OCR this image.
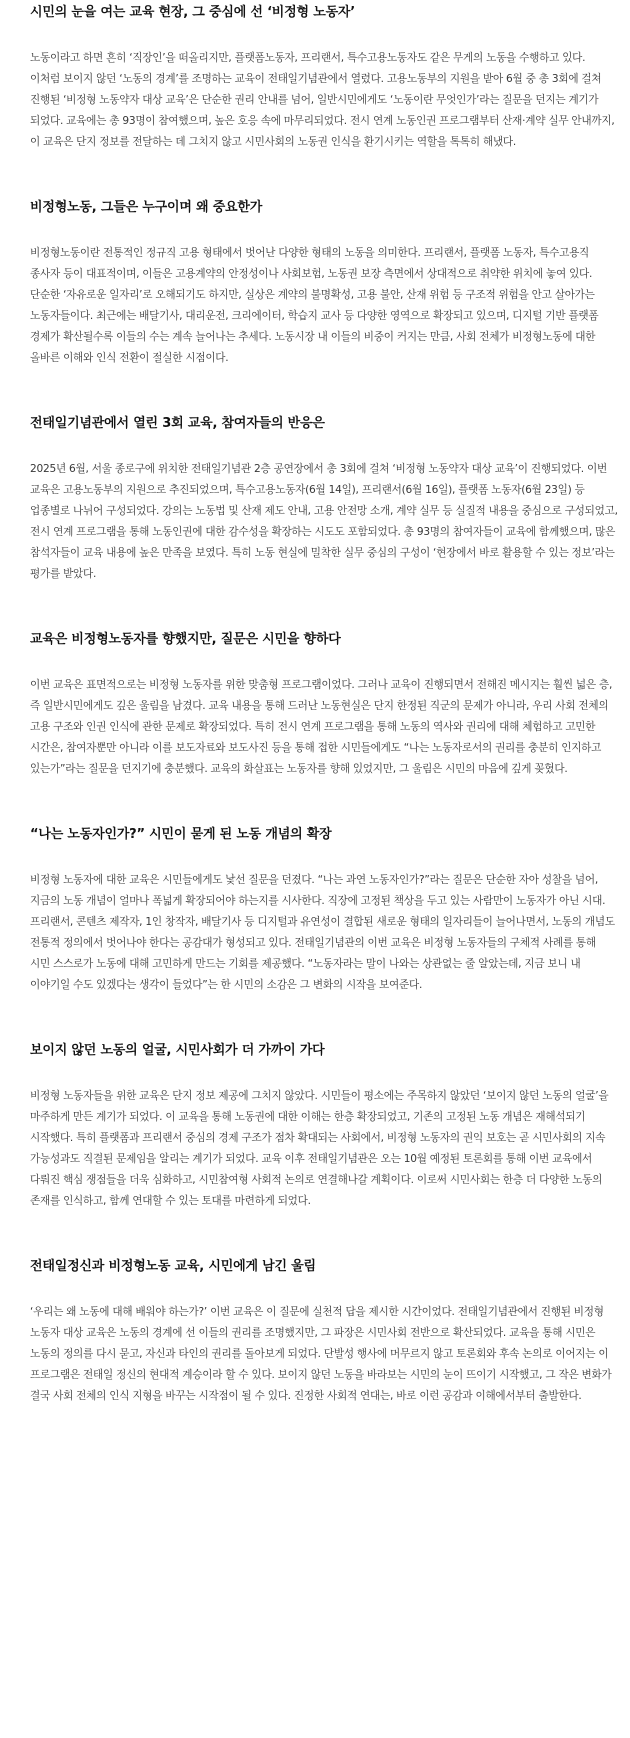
시민의 눈을 여는 교육 현장, 그 중심에 선 ‘비정형 노동자’

노동이라고 하면 흔히 ‘직장인’을 떠올리지만, 플랫폼노동자, 프리랜서, 특수고용노동자도 같은 무게의 노동을 수행하고 있다. 이처럼 보이지 않던 ‘노동의 경계’를 조명하는 교육이 전태일기념관에서 열렸다. 고용노동부의 지원을 받아 6월 중 총 3회에 걸쳐 진행된 ‘비정형 노동약자 대상 교육’은 단순한 권리 안내를 넘어, 일반시민에게도 ‘노동이란 무엇인가’라는 질문을 던지는 계기가 되었다. 교육에는 총 93명이 참여했으며, 높은 호응 속에 마무리되었다. 전시 연계 노동인권 프로그램부터 산재·계약 실무 안내까지, 이 교육은 단지 정보를 전달하는 데 그치지 않고 시민사회의 노동권 인식을 환기시키는 역할을 톡톡히 해냈다.

비정형노동, 그들은 누구이며 왜 중요한가

비정형노동이란 전통적인 정규직 고용 형태에서 벗어난 다양한 형태의 노동을 의미한다. 프리랜서, 플랫폼 노동자, 특수고용직 종사자 등이 대표적이며, 이들은 고용계약의 안정성이나 사회보험, 노동권 보장 측면에서 상대적으로 취약한 위치에 놓여 있다. 단순한 ‘자유로운 일자리’로 오해되기도 하지만, 실상은 계약의 불명확성, 고용 불안, 산재 위험 등 구조적 위험을 안고 살아가는 노동자들이다. 최근에는 배달기사, 대리운전, 크리에이터, 학습지 교사 등 다양한 영역으로 확장되고 있으며, 디지털 기반 플랫폼 경제가 확산될수록 이들의 수는 계속 늘어나는 추세다. 노동시장 내 이들의 비중이 커지는 만큼, 사회 전체가 비정형노동에 대한 올바른 이해와 인식 전환이 절실한 시점이다.

전태일기념관에서 열린 3회 교육, 참여자들의 반응은

2025년 6월, 서울 종로구에 위치한 전태일기념관 2층 공연장에서 총 3회에 걸쳐 ‘비정형 노동약자 대상 교육’이 진행되었다. 이번 교육은 고용노동부의 지원으로 추진되었으며, 특수고용노동자(6월 14일), 프리랜서(6월 16일), 플랫폼 노동자(6월 23일) 등 업종별로 나뉘어 구성되었다. 강의는 노동법 및 산재 제도 안내, 고용 안전망 소개, 계약 실무 등 실질적 내용을 중심으로 구성되었고, 전시 연계 프로그램을 통해 노동인권에 대한 감수성을 확장하는 시도도 포함되었다. 총 93명의 참여자들이 교육에 함께했으며, 많은 참석자들이 교육 내용에 높은 만족을 보였다. 특히 노동 현실에 밀착한 실무 중심의 구성이 ‘현장에서 바로 활용할 수 있는 정보’라는 평가를 받았다.

교육은 비정형노동자를 향했지만, 질문은 시민을 향하다

이번 교육은 표면적으로는 비정형 노동자를 위한 맞춤형 프로그램이었다. 그러나 교육이 진행되면서 전해진 메시지는 훨씬 넓은 층, 즉 일반시민에게도 깊은 울림을 남겼다. 교육 내용을 통해 드러난 노동현실은 단지 한정된 직군의 문제가 아니라, 우리 사회 전체의 고용 구조와 인권 인식에 관한 문제로 확장되었다. 특히 전시 연계 프로그램을 통해 노동의 역사와 권리에 대해 체험하고 고민한 시간은, 참여자뿐만 아니라 이를 보도자료와 보도사진 등을 통해 접한 시민들에게도 “나는 노동자로서의 권리를 충분히 인지하고 있는가”라는 질문을 던지기에 충분했다. 교육의 화살표는 노동자를 향해 있었지만, 그 울림은 시민의 마음에 깊게 꽂혔다.

“나는 노동자인가?” 시민이 묻게 된 노동 개념의 확장

비정형 노동자에 대한 교육은 시민들에게도 낯선 질문을 던졌다. “나는 과연 노동자인가?”라는 질문은 단순한 자아 성찰을 넘어, 지금의 노동 개념이 얼마나 폭넓게 확장되어야 하는지를 시사한다. 직장에 고정된 책상을 두고 있는 사람만이 노동자가 아닌 시대. 프리랜서, 콘텐츠 제작자, 1인 창작자, 배달기사 등 디지털과 유연성이 결합된 새로운 형태의 일자리들이 늘어나면서, 노동의 개념도 전통적 정의에서 벗어나야 한다는 공감대가 형성되고 있다. 전태일기념관의 이번 교육은 비정형 노동자들의 구체적 사례를 통해 시민 스스로가 노동에 대해 고민하게 만드는 기회를 제공했다. “노동자라는 말이 나와는 상관없는 줄 알았는데, 지금 보니 내 이야기일 수도 있겠다는 생각이 들었다”는 한 시민의 소감은 그 변화의 시작을 보여준다.

보이지 않던 노동의 얼굴, 시민사회가 더 가까이 가다

비정형 노동자들을 위한 교육은 단지 정보 제공에 그치지 않았다. 시민들이 평소에는 주목하지 않았던 ‘보이지 않던 노동의 얼굴’을 마주하게 만든 계기가 되었다. 이 교육을 통해 노동권에 대한 이해는 한층 확장되었고, 기존의 고정된 노동 개념은 재해석되기 시작했다. 특히 플랫폼과 프리랜서 중심의 경제 구조가 점차 확대되는 사회에서, 비정형 노동자의 권익 보호는 곧 시민사회의 지속 가능성과도 직결된 문제임을 알리는 계기가 되었다. 교육 이후 전태일기념관은 오는 10월 예정된 토론회를 통해 이번 교육에서 다뤄진 핵심 쟁점들을 더욱 심화하고, 시민참여형 사회적 논의로 연결해나갈 계획이다. 이로써 시민사회는 한층 더 다양한 노동의 존재를 인식하고, 함께 연대할 수 있는 토대를 마련하게 되었다.

전태일정신과 비정형노동 교육, 시민에게 남긴 울림

‘우리는 왜 노동에 대해 배워야 하는가?’ 이번 교육은 이 질문에 실천적 답을 제시한 시간이었다. 전태일기념관에서 진행된 비정형 노동자 대상 교육은 노동의 경계에 선 이들의 권리를 조명했지만, 그 파장은 시민사회 전반으로 확산되었다. 교육을 통해 시민은 노동의 정의를 다시 묻고, 자신과 타인의 권리를 돌아보게 되었다. 단발성 행사에 머무르지 않고 토론회와 후속 논의로 이어지는 이 프로그램은 전태일 정신의 현대적 계승이라 할 수 있다. 보이지 않던 노동을 바라보는 시민의 눈이 뜨이기 시작했고, 그 작은 변화가 결국 사회 전체의 인식 지형을 바꾸는 시작점이 될 수 있다. 진정한 사회적 연대는, 바로 이런 공감과 이해에서부터 출발한다.
